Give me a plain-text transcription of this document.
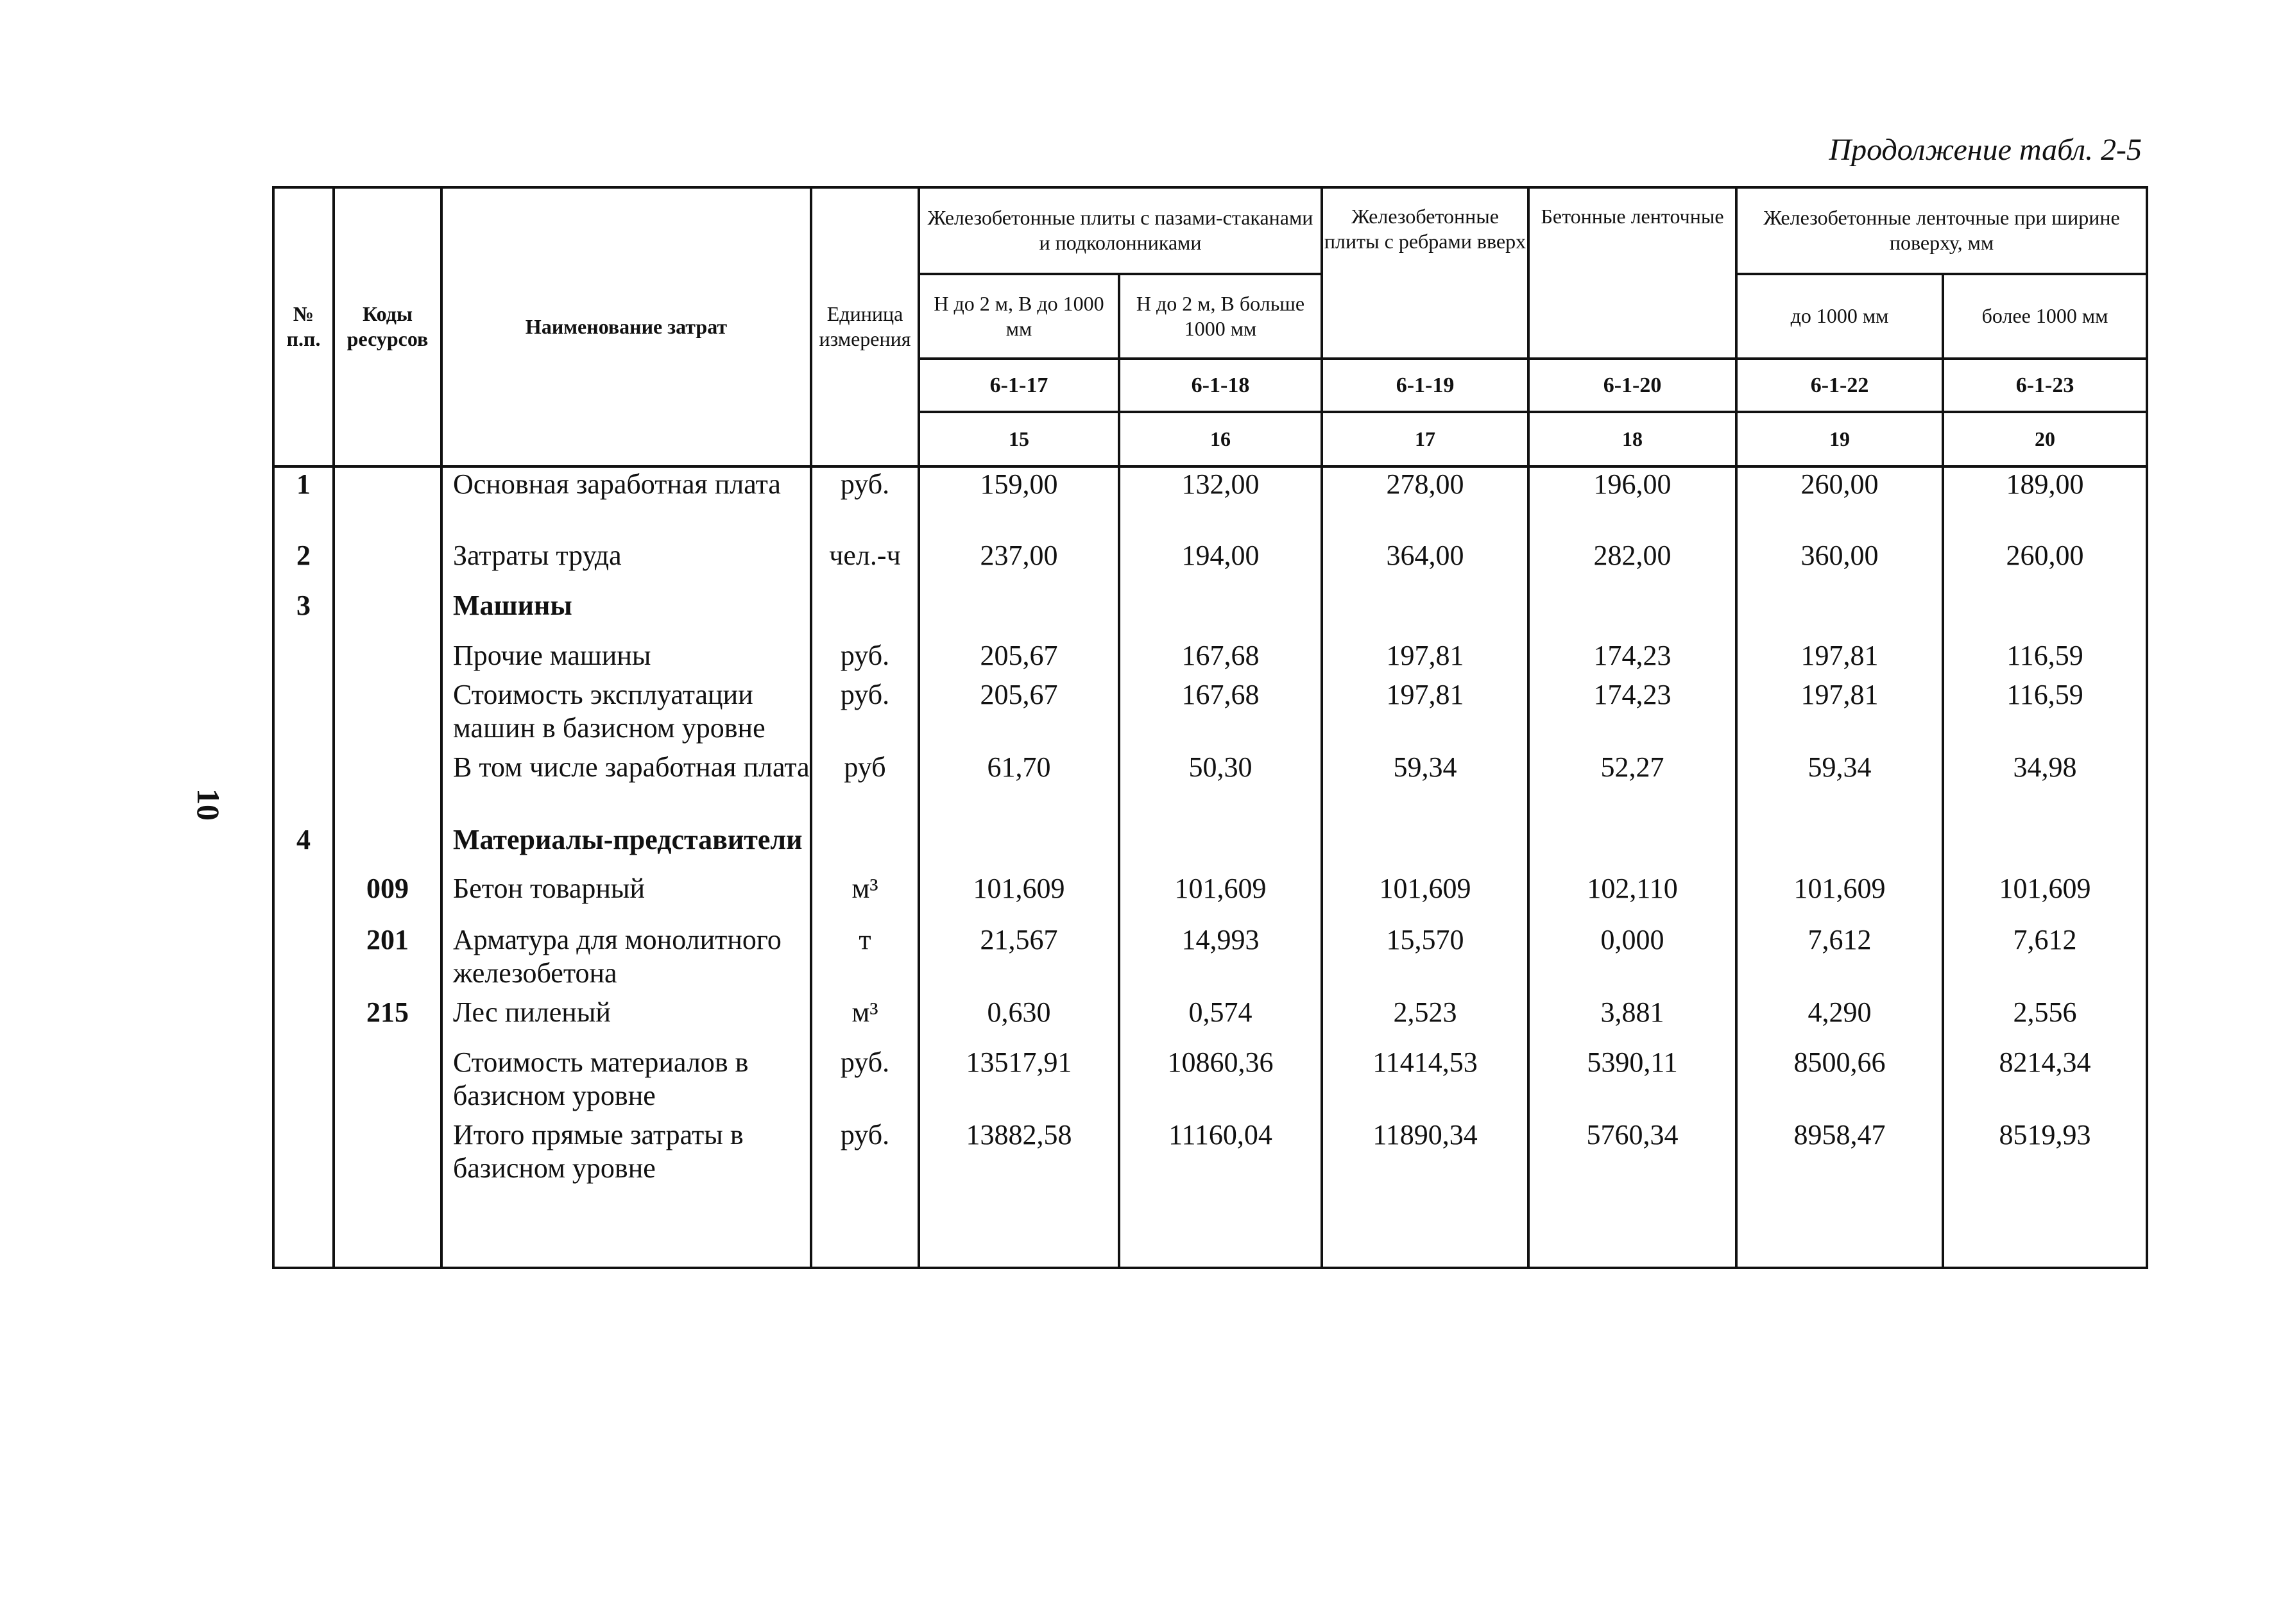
Продолжение табл. 2-5
10
№ п.п.	Коды ресурсов	Наименование затрат	Единица измерения	Железобетонные плиты с пазами-стаканами и подколонниками		Железобетонные плиты с ребрами вверх	Бетонные ленточные	Железобетонные ленточные при ширине поверху, мм	
				Н до 2 м, В до 1000 мм	Н до 2 м, В больше 1000 мм			до 1000 мм	более 1000 мм
				6-1-17	6-1-18	6-1-19	6-1-20	6-1-22	6-1-23
				15	16	17	18	19	20
1		Основная заработная плата	руб.	159,00	132,00	278,00	196,00	260,00	189,00
2		Затраты труда	чел.-ч	237,00	194,00	364,00	282,00	360,00	260,00
3		Машины							
		Прочие машины	руб.	205,67	167,68	197,81	174,23	197,81	116,59
		Стоимость эксплуатации машин в базисном уровне	руб.	205,67	167,68	197,81	174,23	197,81	116,59
		В том числе заработная плата	руб	61,70	50,30	59,34	52,27	59,34	34,98
4		Материалы-представители							
	009	Бетон товарный	м³	101,609	101,609	101,609	102,110	101,609	101,609
	201	Арматура для монолитного железобетона	т	21,567	14,993	15,570	0,000	7,612	7,612
	215	Лес пиленый	м³	0,630	0,574	2,523	3,881	4,290	2,556
		Стоимость материалов в базисном уровне	руб.	13517,91	10860,36	11414,53	5390,11	8500,66	8214,34
		Итого прямые затраты в базисном уровне	руб.	13882,58	11160,04	11890,34	5760,34	8958,47	8519,93
